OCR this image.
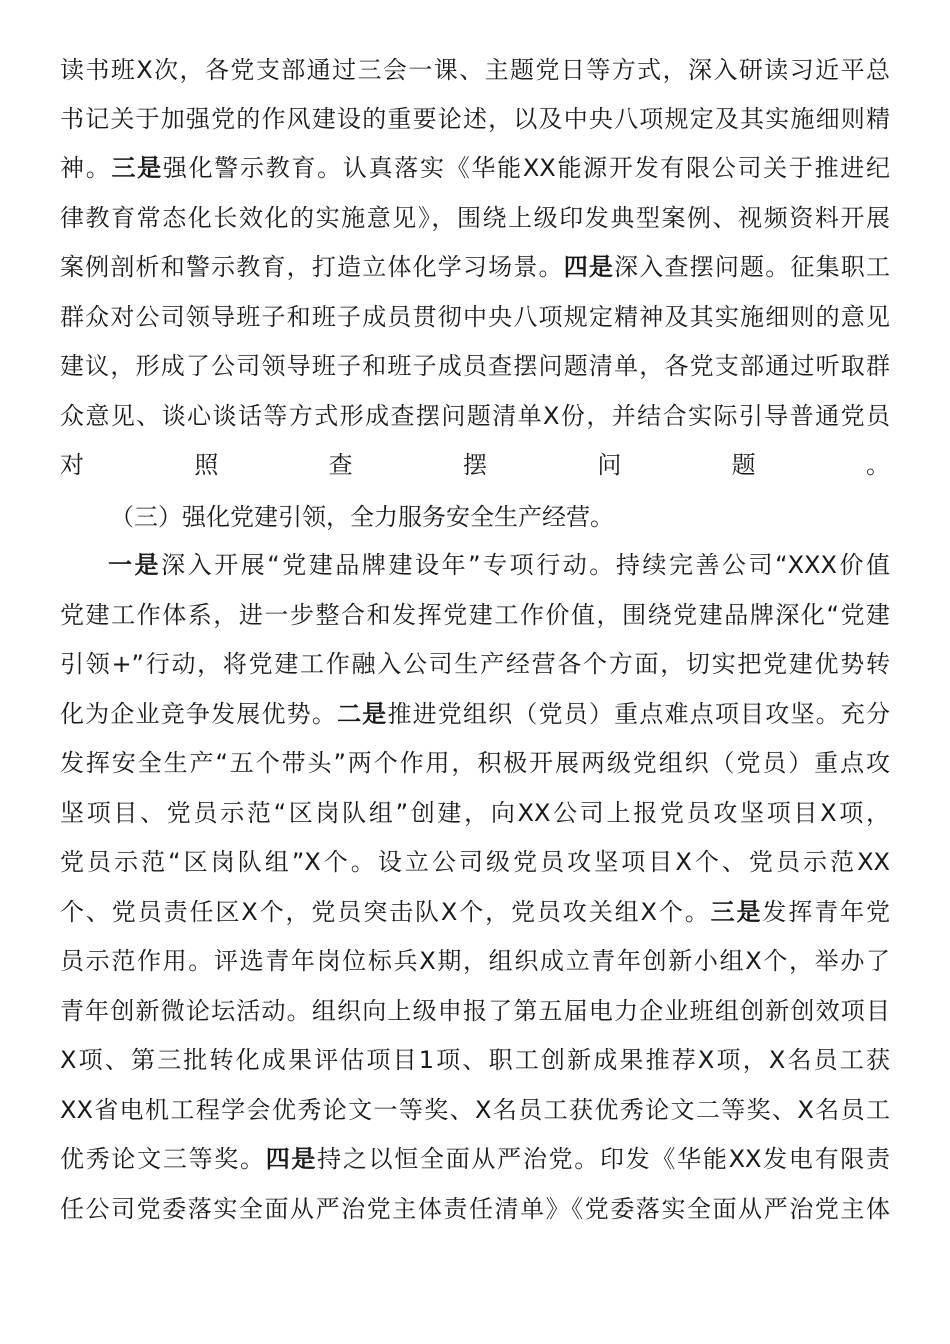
读书班X次，各党支部通过三会一课、主题党日等方式，深入研读习近平总
书记关于加强党的作风建设的重要论述，以及中央八项规定及其实施细则精
神。三是强化警示教育。认真落实《华能XX能源开发有限公司关于推进纪
律教育常态化长效化的实施意见》，围绕上级印发典型案例、视频资料开展
案例剖析和警示教育，打造立体化学习场景。四是深入查摆问题。征集职工
群众对公司领导班子和班子成员贯彻中央八项规定精神及其实施细则的意见
建议，形成了公司领导班子和班子成员查摆问题清单，各党支部通过听取群
众意见、谈心谈话等方式形成查摆问题清单X份，并结合实际引导普通党员
对照查摆问题。
（三）强化党建引领，全力服务安全生产经营。
一是深入开展“党建品牌建设年”专项行动。持续完善公司“XXX价值
党建工作体系，进一步整合和发挥党建工作价值，围绕党建品牌深化“党建
引领+”行动，将党建工作融入公司生产经营各个方面，切实把党建优势转
化为企业竞争发展优势。二是推进党组织（党员）重点难点项目攻坚。充分
发挥安全生产“五个带头”两个作用，积极开展两级党组织（党员）重点攻
坚项目、党员示范“区岗队组”创建，向XX公司上报党员攻坚项目X项，
党员示范“区岗队组”X个。设立公司级党员攻坚项目X个、党员示范XX
个、党员责任区X个，党员突击队X个，党员攻关组X个。三是发挥青年党
员示范作用。评选青年岗位标兵X期，组织成立青年创新小组X个，举办了
青年创新微论坛活动。组织向上级申报了第五届电力企业班组创新创效项目
X项、第三批转化成果评估项目1项、职工创新成果推荐X项，X名员工获
XX省电机工程学会优秀论文一等奖、X名员工获优秀论文二等奖、X名员工
优秀论文三等奖。四是持之以恒全面从严治党。印发《华能XX发电有限责
任公司党委落实全面从严治党主体责任清单》《党委落实全面从严治党主体
